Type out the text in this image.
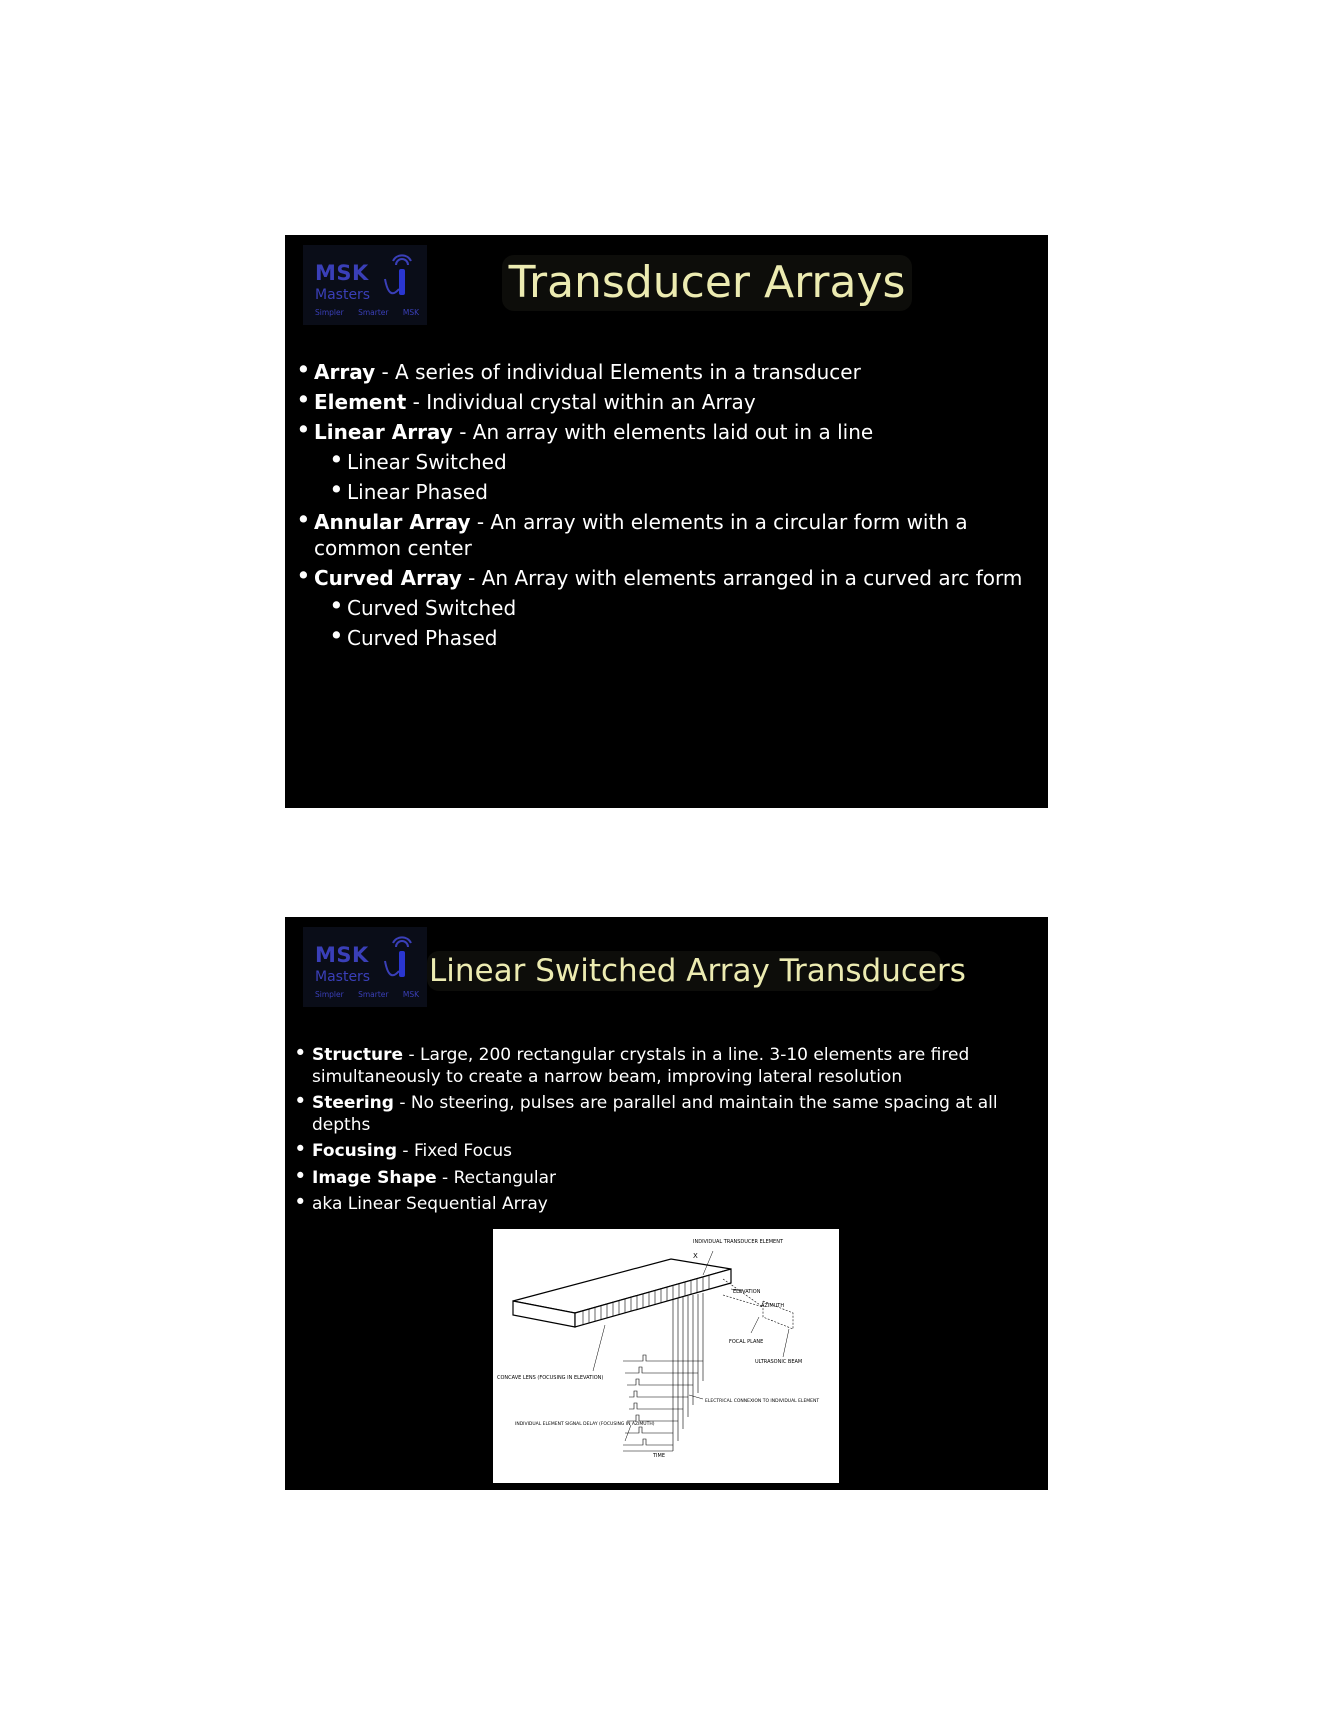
MSK
Masters
Simpler Smarter MSK
Transducer Arrays
• Array - A series of individual Elements in a transducer
• Element - Individual crystal within an Array
• Linear Array - An array with elements laid out in a line
• Linear Switched
• Linear Phased
• Annular Array - An array with elements in a circular form with a common center
• Curved Array - An Array with elements arranged in a curved arc form
• Curved Switched
• Curved Phased
MSK
Masters
Simpler Smarter MSK
Linear Switched Array Transducers
• Structure - Large, 200 rectangular crystals in a line. 3-10 elements are fired simultaneously to create a narrow beam, improving lateral resolution
• Steering - No steering, pulses are parallel and maintain the same spacing at all depths
• Focusing - Fixed Focus
• Image Shape - Rectangular
• aka Linear Sequential Array
INDIVIDUAL TRANSDUCER ELEMENT
X
ELEVATION
AZIMUTH
FOCAL PLANE
ULTRASONIC BEAM
CONCAVE LENS (FOCUSING IN ELEVATION)
ELECTRICAL CONNEXION TO INDIVIDUAL ELEMENT
INDIVIDUAL ELEMENT SIGNAL DELAY (FOCUSING IN AZIMUTH)
TIME
